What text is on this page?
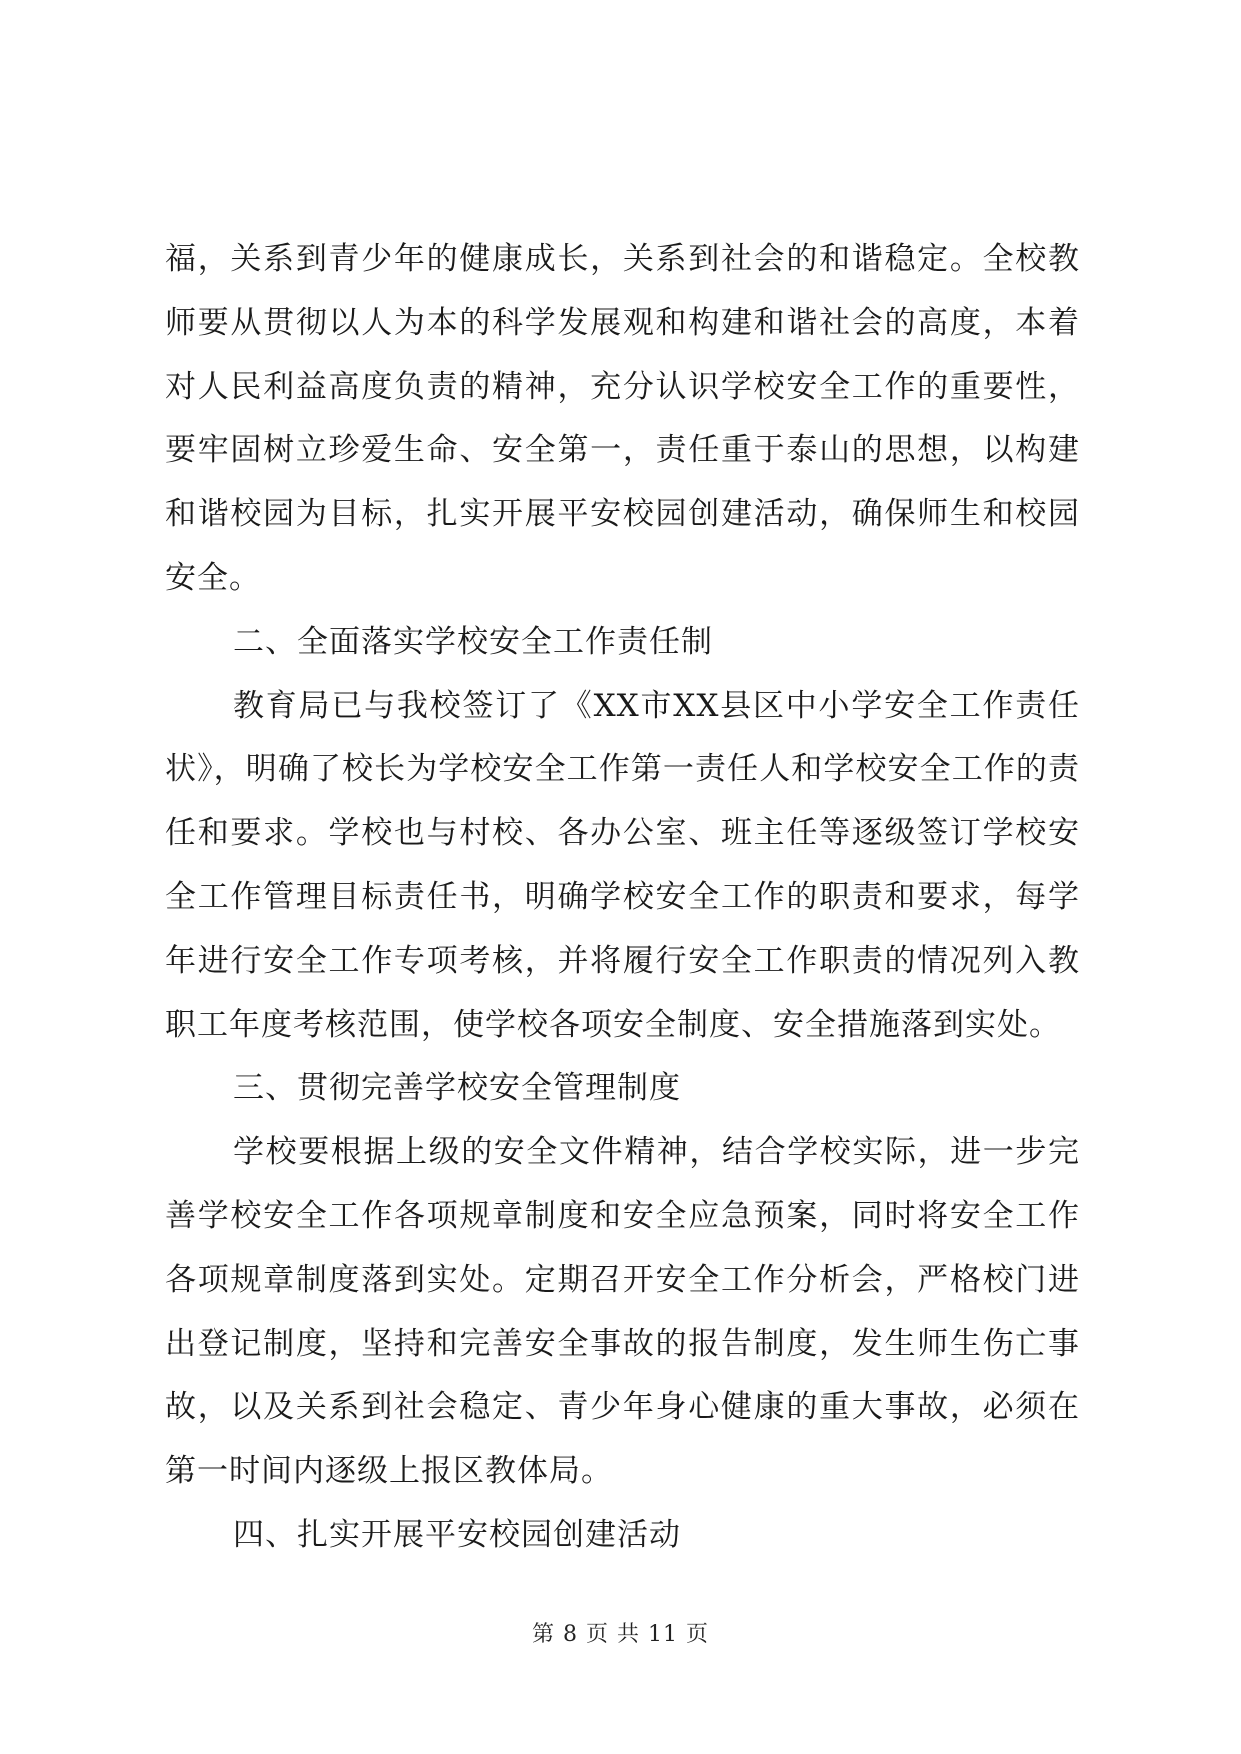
福，关系到青少年的健康成长，关系到社会的和谐稳定。全校教师要从贯彻以人为本的科学发展观和构建和谐社会的高度，本着对人民利益高度负责的精神，充分认识学校安全工作的重要性，要牢固树立珍爱生命、安全第一，责任重于泰山的思想，以构建和谐校园为目标，扎实开展平安校园创建活动，确保师生和校园安全。

二、全面落实学校安全工作责任制

教育局已与我校签订了《XX市XX县区中小学安全工作责任状》，明确了校长为学校安全工作第一责任人和学校安全工作的责任和要求。学校也与村校、各办公室、班主任等逐级签订学校安全工作管理目标责任书，明确学校安全工作的职责和要求，每学年进行安全工作专项考核，并将履行安全工作职责的情况列入教职工年度考核范围，使学校各项安全制度、安全措施落到实处。

三、贯彻完善学校安全管理制度

学校要根据上级的安全文件精神，结合学校实际，进一步完善学校安全工作各项规章制度和安全应急预案，同时将安全工作各项规章制度落到实处。定期召开安全工作分析会，严格校门进出登记制度，坚持和完善安全事故的报告制度，发生师生伤亡事故，以及关系到社会稳定、青少年身心健康的重大事故，必须在第一时间内逐级上报区教体局。

四、扎实开展平安校园创建活动

第 8 页 共 11 页
